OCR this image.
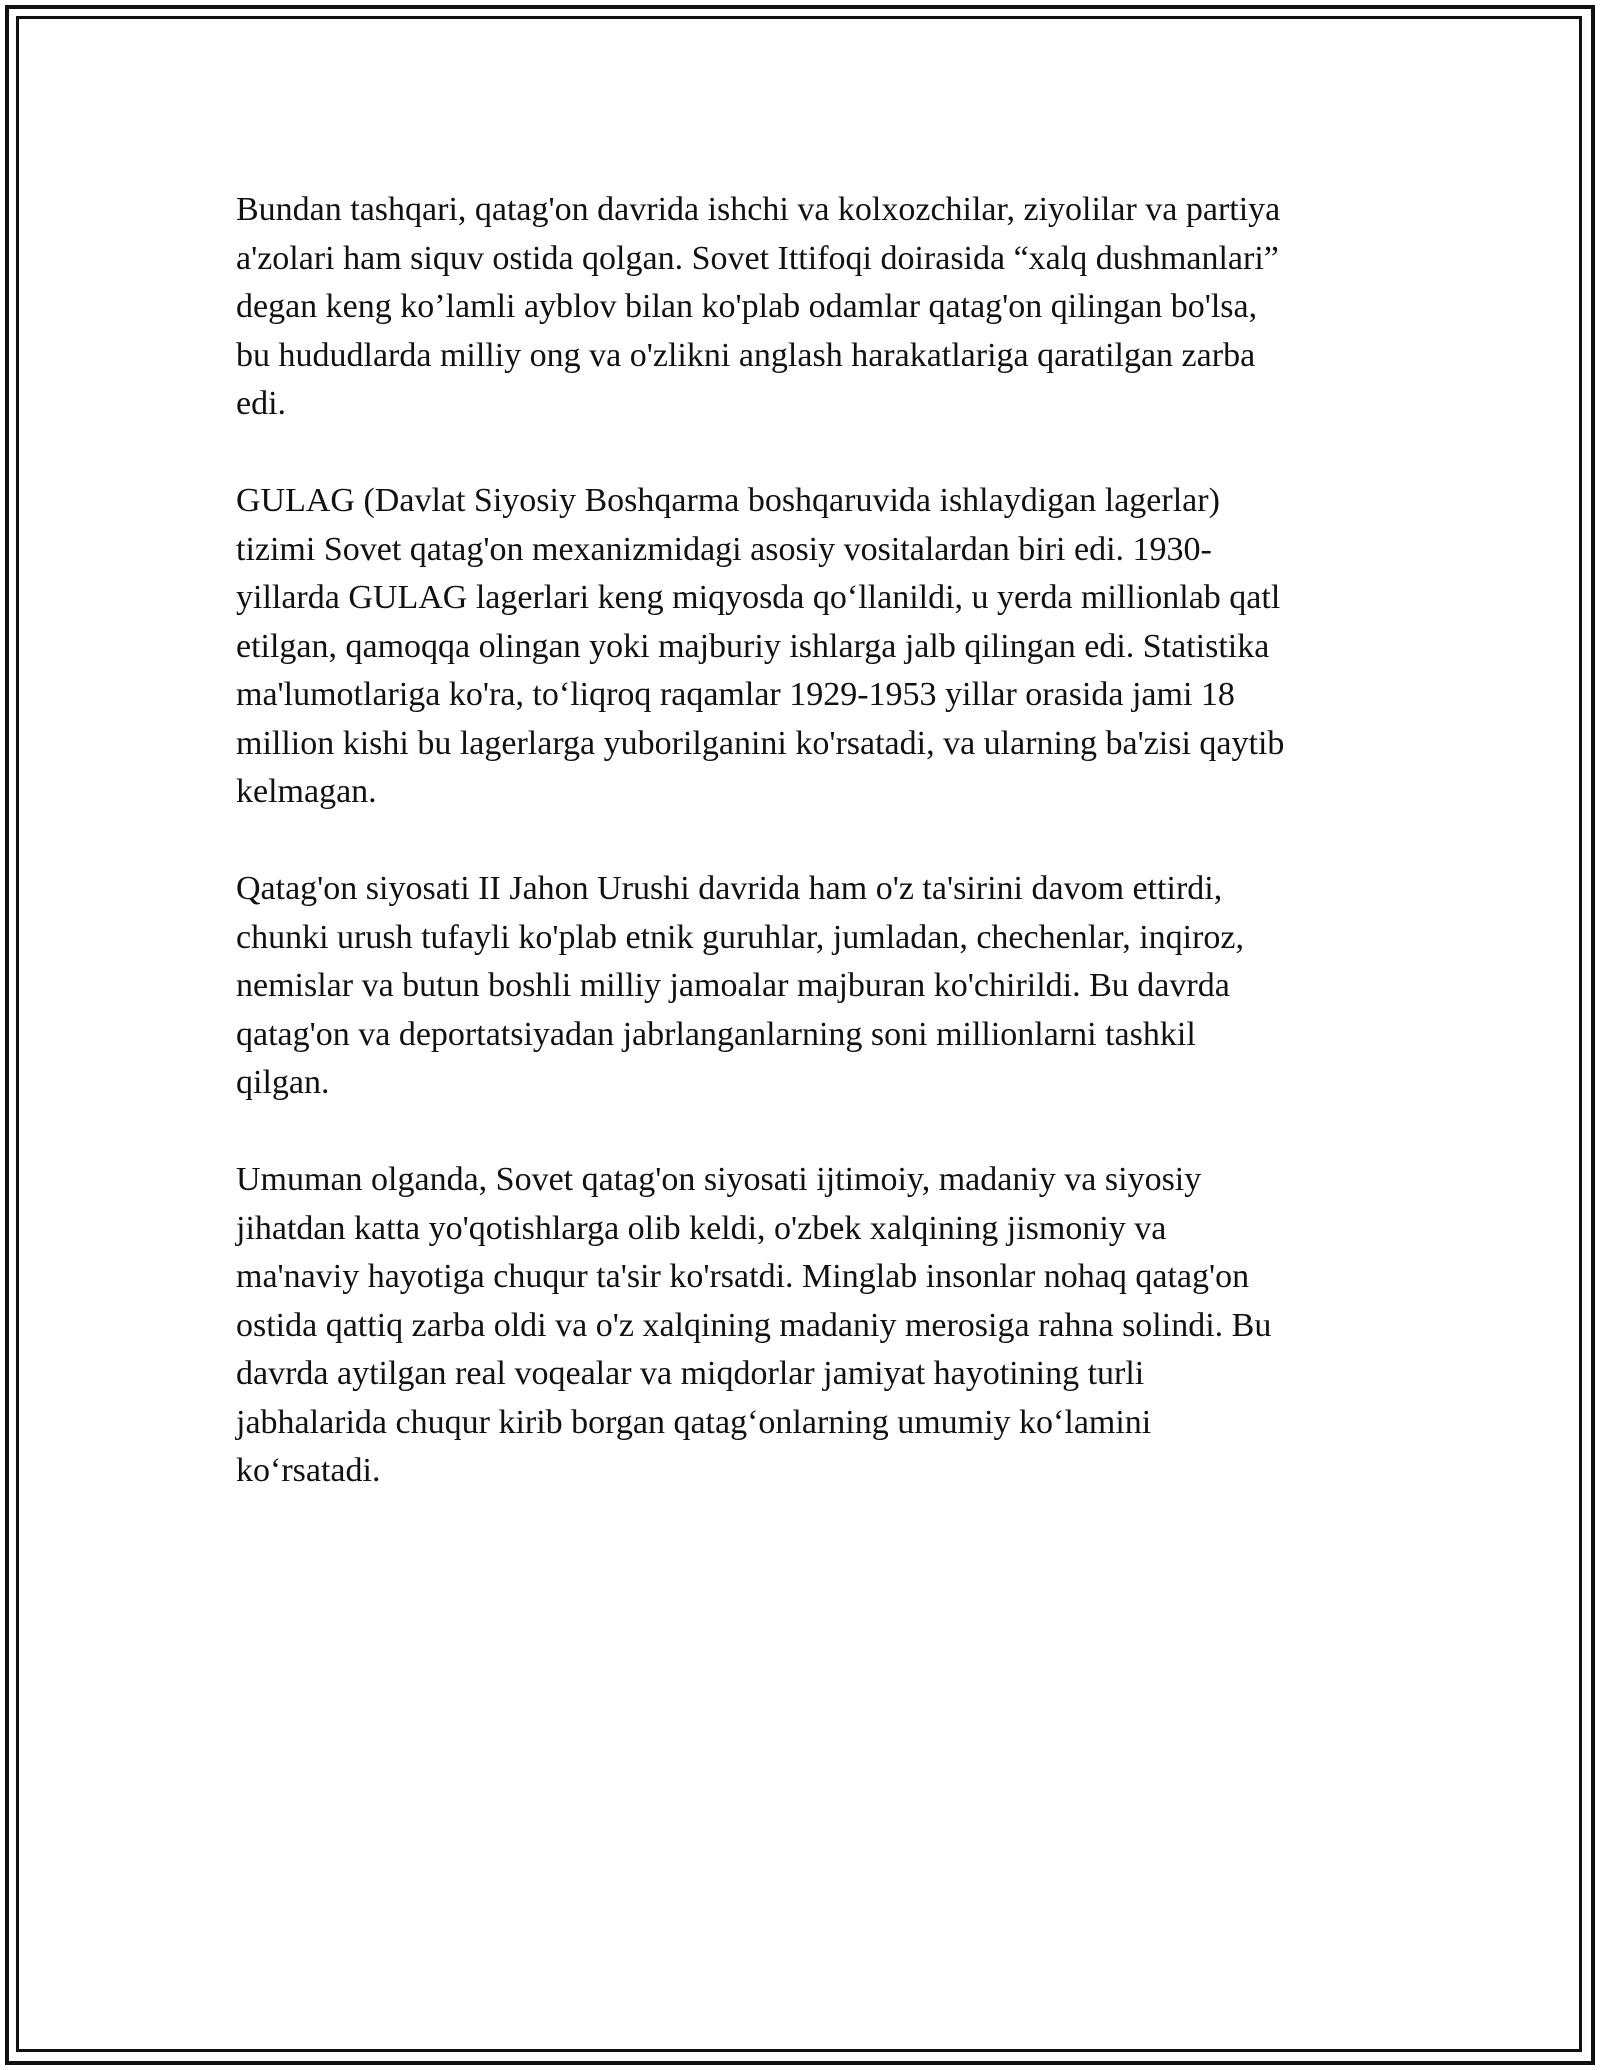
Bundan tashqari, qatag'on davrida ishchi va kolxozchilar, ziyolilar va partiya
a'zolari ham siquv ostida qolgan. Sovet Ittifoqi doirasida “xalq dushmanlari”
degan keng ko’lamli ayblov bilan ko'plab odamlar qatag'on qilingan bo'lsa,
bu hududlarda milliy ong va o'zlikni anglash harakatlariga qaratilgan zarba
edi.

GULAG (Davlat Siyosiy Boshqarma boshqaruvida ishlaydigan lagerlar)
tizimi Sovet qatag'on mexanizmidagi asosiy vositalardan biri edi. 1930-
yillarda GULAG lagerlari keng miqyosda qo‘llanildi, u yerda millionlab qatl
etilgan, qamoqqa olingan yoki majburiy ishlarga jalb qilingan edi. Statistika
ma'lumotlariga ko'ra, to‘liqroq raqamlar 1929-1953 yillar orasida jami 18
million kishi bu lagerlarga yuborilganini ko'rsatadi, va ularning ba'zisi qaytib
kelmagan.

Qatag'on siyosati II Jahon Urushi davrida ham o'z ta'sirini davom ettirdi,
chunki urush tufayli ko'plab etnik guruhlar, jumladan, chechenlar, inqiroz,
nemislar va butun boshli milliy jamoalar majburan ko'chirildi. Bu davrda
qatag'on va deportatsiyadan jabrlanganlarning soni millionlarni tashkil
qilgan.

Umuman olganda, Sovet qatag'on siyosati ijtimoiy, madaniy va siyosiy
jihatdan katta yo'qotishlarga olib keldi, o'zbek xalqining jismoniy va
ma'naviy hayotiga chuqur ta'sir ko'rsatdi. Minglab insonlar nohaq qatag'on
ostida qattiq zarba oldi va o'z xalqining madaniy merosiga rahna solindi. Bu
davrda aytilgan real voqealar va miqdorlar jamiyat hayotining turli
jabhalarida chuqur kirib borgan qatag‘onlarning umumiy ko‘lamini
ko‘rsatadi.
